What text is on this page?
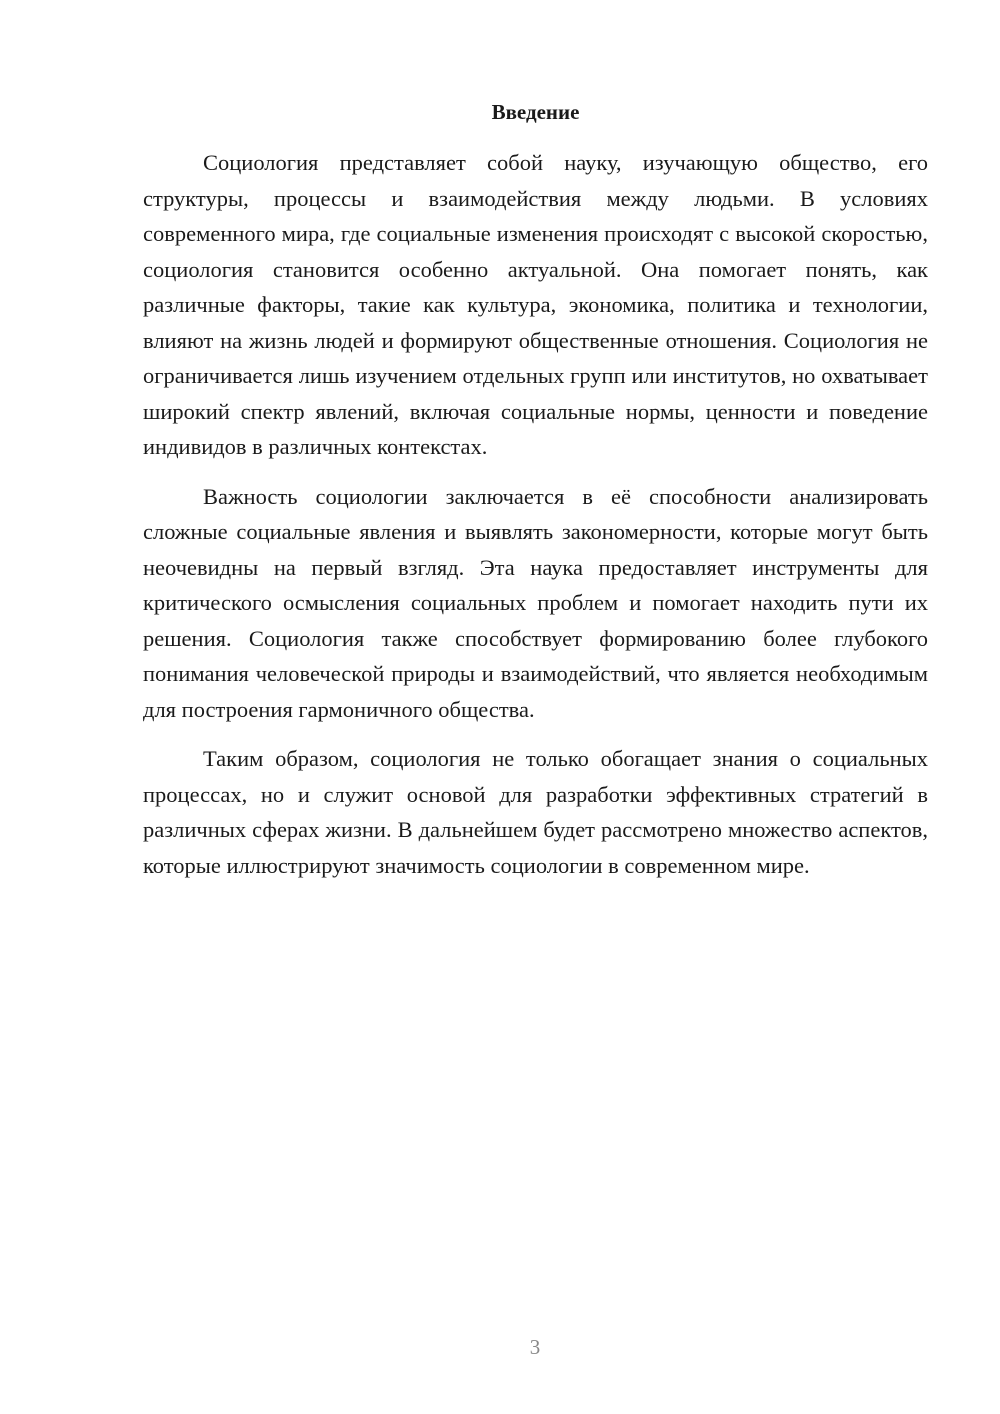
Введение

Социология представляет собой науку, изучающую общество, его структуры, процессы и взаимодействия между людьми. В условиях современного мира, где социальные изменения происходят с высокой скоростью, социология становится особенно актуальной. Она помогает понять, как различные факторы, такие как культура, экономика, политика и технологии, влияют на жизнь людей и формируют общественные отношения. Социология не ограничивается лишь изучением отдельных групп или институтов, но охватывает широкий спектр явлений, включая социальные нормы, ценности и поведение индивидов в различных контекстах.

Важность социологии заключается в её способности анализировать сложные социальные явления и выявлять закономерности, которые могут быть неочевидны на первый взгляд. Эта наука предоставляет инструменты для критического осмысления социальных проблем и помогает находить пути их решения. Социология также способствует формированию более глубокого понимания человеческой природы и взаимодействий, что является необходимым для построения гармоничного общества.

Таким образом, социология не только обогащает знания о социальных процессах, но и служит основой для разработки эффективных стратегий в различных сферах жизни. В дальнейшем будет рассмотрено множество аспектов, которые иллюстрируют значимость социологии в современном мире.

3
